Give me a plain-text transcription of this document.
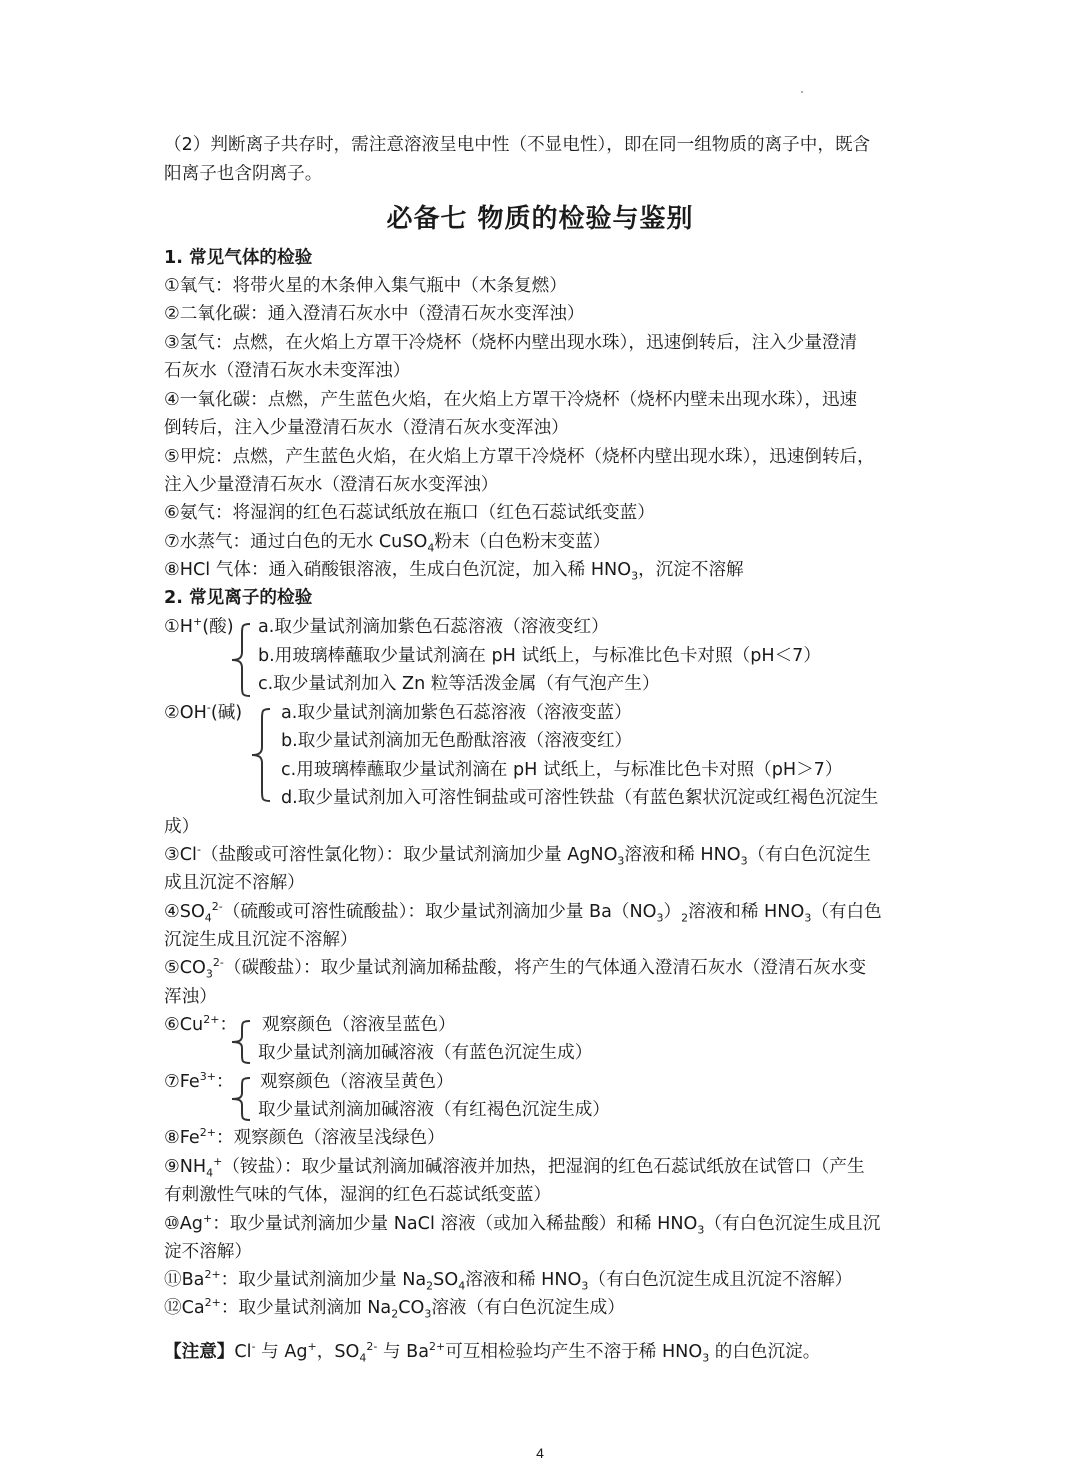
（2）判断离子共存时，需注意溶液呈电中性（不显电性），即在同一组物质的离子中，既含
阳离子也含阴离子。
必备七 物质的检验与鉴别
1. 常见气体的检验
①氧气：将带火星的木条伸入集气瓶中（木条复燃）
②二氧化碳：通入澄清石灰水中（澄清石灰水变浑浊）
③氢气：点燃，在火焰上方罩干冷烧杯（烧杯内壁出现水珠），迅速倒转后，注入少量澄清
石灰水（澄清石灰水未变浑浊）
④一氧化碳：点燃，产生蓝色火焰，在火焰上方罩干冷烧杯（烧杯内壁未出现水珠），迅速
倒转后，注入少量澄清石灰水（澄清石灰水变浑浊）
⑤甲烷：点燃，产生蓝色火焰，在火焰上方罩干冷烧杯（烧杯内壁出现水珠），迅速倒转后，
注入少量澄清石灰水（澄清石灰水变浑浊）
⑥氨气：将湿润的红色石蕊试纸放在瓶口（红色石蕊试纸变蓝）
⑦水蒸气：通过白色的无水 CuSO$_4$粉末（白色粉末变蓝）
⑧HCl 气体：通入硝酸银溶液，生成白色沉淀，加入稀 $HNO_3$，沉淀不溶解
2. 常见离子的检验
①H+(酸) a.取少量试剂滴加紫色石蕊溶液（溶液变红）
b.用玻璃棒蘸取少量试剂滴在 pH 试纸上，与标准比色卡对照（pH＜7）
c.取少量试剂加入 Zn 粒等活泼金属（有气泡产生）
②OH-(碱) a.取少量试剂滴加紫色石蕊溶液（溶液变蓝）
b.取少量试剂滴加无色酚酞溶液（溶液变红）
c.用玻璃棒蘸取少量试剂滴在 pH 试纸上，与标准比色卡对照（pH＞7）
d.取少量试剂加入可溶性铜盐或可溶性铁盐（有蓝色絮状沉淀或红褐色沉淀生
成）
③Cl-（盐酸或可溶性氯化物）：取少量试剂滴加少量 AgNO$_3$溶液和稀 $HNO_3$（有白色沉淀生
成且沉淀不溶解）
$④SO_4^{2-}$（硫酸或可溶性硫酸盐）：取少量试剂滴加少量 $Ba(NO_3)_2$溶液和稀 $HNO_3$（有白色
沉淀生成且沉淀不溶解）
$⑤CO_3^{2-}$（碳酸盐）：取少量试剂滴加稀盐酸，将产生的气体通入澄清石灰水（澄清石灰水变
浑浊）
$⑥Cu^{2+}$： 观察颜色（溶液呈蓝色）
取少量试剂滴加碱溶液（有蓝色沉淀生成）
$⑦Fe^{3+}$： 观察颜色（溶液呈黄色）
取少量试剂滴加碱溶液（有红褐色沉淀生成）
$⑧Fe^{2+}$：观察颜色（溶液呈浅绿色）
$⑨NH_4^+$（铵盐）：取少量试剂滴加碱溶液并加热，把湿润的红色石蕊试纸放在试管口（产生
有刺激性气味的气体，湿润的红色石蕊试纸变蓝）
⑩Ag+：取少量试剂滴加少量 NaCl 溶液（或加入稀盐酸）和稀 $HNO_3$（有白色沉淀生成且沉
淀不溶解）
$⑪Ba^{2+}$：取少量试剂滴加少量 $Na_2SO_4$溶液和稀 $HNO_3$（有白色沉淀生成且沉淀不溶解）
$⑫Ca^{2+}$：取少量试剂滴加 $Na_2CO_3$溶液（有白色沉淀生成）
【注意】Cl- 与 Ag+，$SO_4^{2-}$ 与 $Ba^{2+}$可互相检验均产生不溶于稀 $HNO_3$ 的白色沉淀。
4
